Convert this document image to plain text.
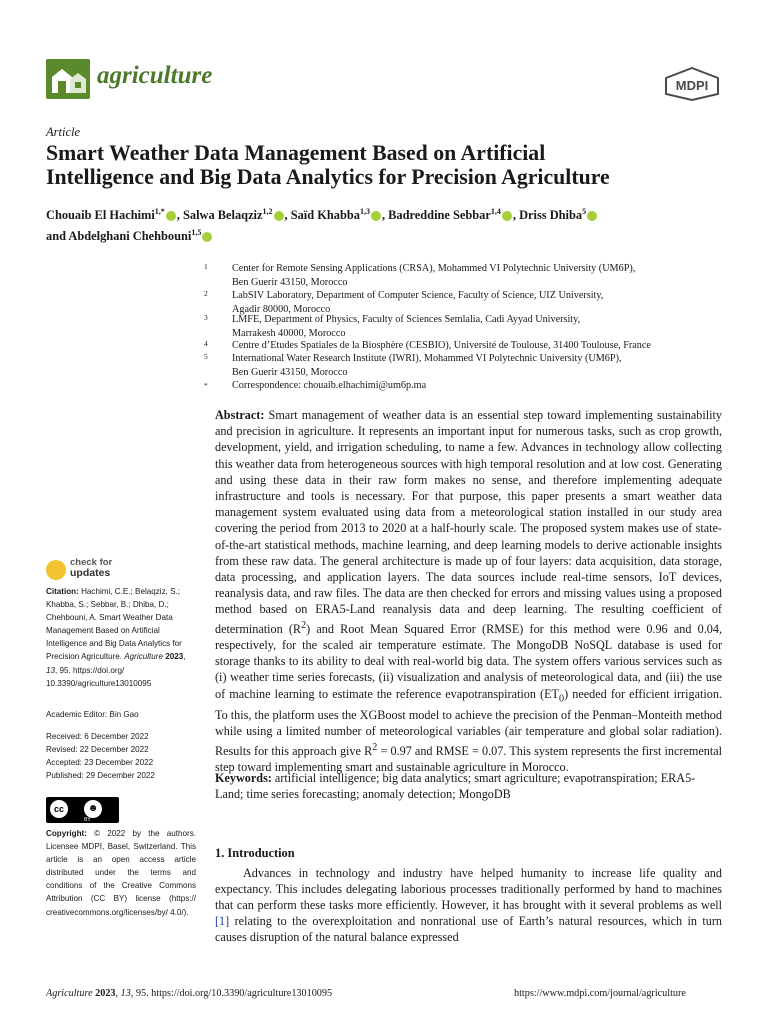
agriculture	MDPI
Article
Smart Weather Data Management Based on Artificial
Intelligence and Big Data Analytics for Precision Agriculture
Chouaib El Hachimi$^{1,*}$ , Salwa Belaqziz$^{1,2}$ , Saïd Khabba$^{1,3}$ , Badreddine Sebbar$^{1,4}$ , Driss Dhiba$^5$
and Abdelghani Chehbouni$^{1,5}$
1 Center for Remote Sensing Applications (CRSA), Mohammed VI Polytechnic University (UM6P),
Ben Guerir 43150, Morocco
2 LabSIV Laboratory, Department of Computer Science, Faculty of Science, UIZ University,
Agadir 80000, Morocco
3 LMFE, Department of Physics, Faculty of Sciences Semlalia, Cadi Ayyad University,
Marrakesh 40000, Morocco
4 Centre d’Etudes Spatiales de la Biosphère (CESBIO), Université de Toulouse, 31400 Toulouse, France
5 International Water Research Institute (IWRI), Mohammed VI Polytechnic University (UM6P),
Ben Guerir 43150, Morocco
* Correspondence: chouaib.elhachimi@um6p.ma
Abstract: Smart management of weather data is an essential step toward implementing sustainability and precision in agriculture. It represents an important input for numerous tasks, such as crop growth, development, yield, and irrigation scheduling, to name a few. Advances in technology allow collecting this weather data from heterogeneous sources with high temporal resolution and at low cost. Generating and using these data in their raw form makes no sense, and therefore implementing adequate infrastructure and tools is necessary. For that purpose, this paper presents a smart weather data management system evaluated using data from a meteorological station installed in our study area covering the period from 2013 to 2020 at a half-hourly scale. The proposed system makes use of state-of-the-art statistical methods, machine learning, and deep learning models to derive actionable insights from these raw data. The general architecture is made up of four layers: data acquisition, data storage, data processing, and application layers. The data sources include real-time sensors, IoT devices, reanalysis data, and raw files. The data are then checked for errors and missing values using a proposed method based on ERA5-Land reanalysis data and deep learning. The resulting coefficient of determination $(R^2)$ and Root Mean Squared Error (RMSE) for this method were 0.96 and 0.04, respectively, for the scaled air temperature estimate. The MongoDB NoSQL database is used for storage thanks to its ability to deal with real-world big data. The system offers various services such as (i) weather time series forecasts, (ii) visualization and analysis of meteorological data, and (iii) the use of machine learning to estimate the reference evapotranspiration $(ET_0)$ needed for efficient irrigation. To this, the platform uses the XGBoost model to achieve the precision of the Penman–Monteith method while using a limited number of meteorological variables (air temperature and global solar radiation). Results for this approach give $R^2 = 0.97$ and RMSE = 0.07. This system represents the first incremental step toward implementing smart and sustainable agriculture in Morocco.
Keywords: artificial intelligence; big data analytics; smart agriculture; evapotranspiration; ERA5-Land; time series forecasting; anomaly detection; MongoDB
check for
updates
Citation: Hachimi, C.E.; Belaqziz, S.; Khabba, S.; Sebbar, B.; Dhiba, D.; Chehbouni, A. Smart Weather Data Management Based on Artificial Intelligence and Big Data Analytics for Precision Agriculture. Agriculture 2023, 13, 95. https://doi.org/ 10.3390/agriculture13010095
Academic Editor: Bin Gao
Received: 6 December 2022
Revised: 22 December 2022
Accepted: 23 December 2022
Published: 29 December 2022
cc	☻
BY
Copyright: © 2022 by the authors. Licensee MDPI, Basel, Switzerland. This article is an open access article distributed under the terms and conditions of the Creative Commons Attribution (CC BY) license (https:// creativecommons.org/licenses/by/ 4.0/).
1. Introduction
Advances in technology and industry have helped humanity to increase life quality and expectancy. This includes delegating laborious processes traditionally performed by hand to machines that can perform these tasks more efficiently. However, it has brought with it several problems as well [1] relating to the overexploitation and nonrational use of Earth’s natural resources, which in turn causes disruption of the natural balance expressed
Agriculture 2023, 13, 95. https://doi.org/10.3390/agriculture13010095	https://www.mdpi.com/journal/agriculture
